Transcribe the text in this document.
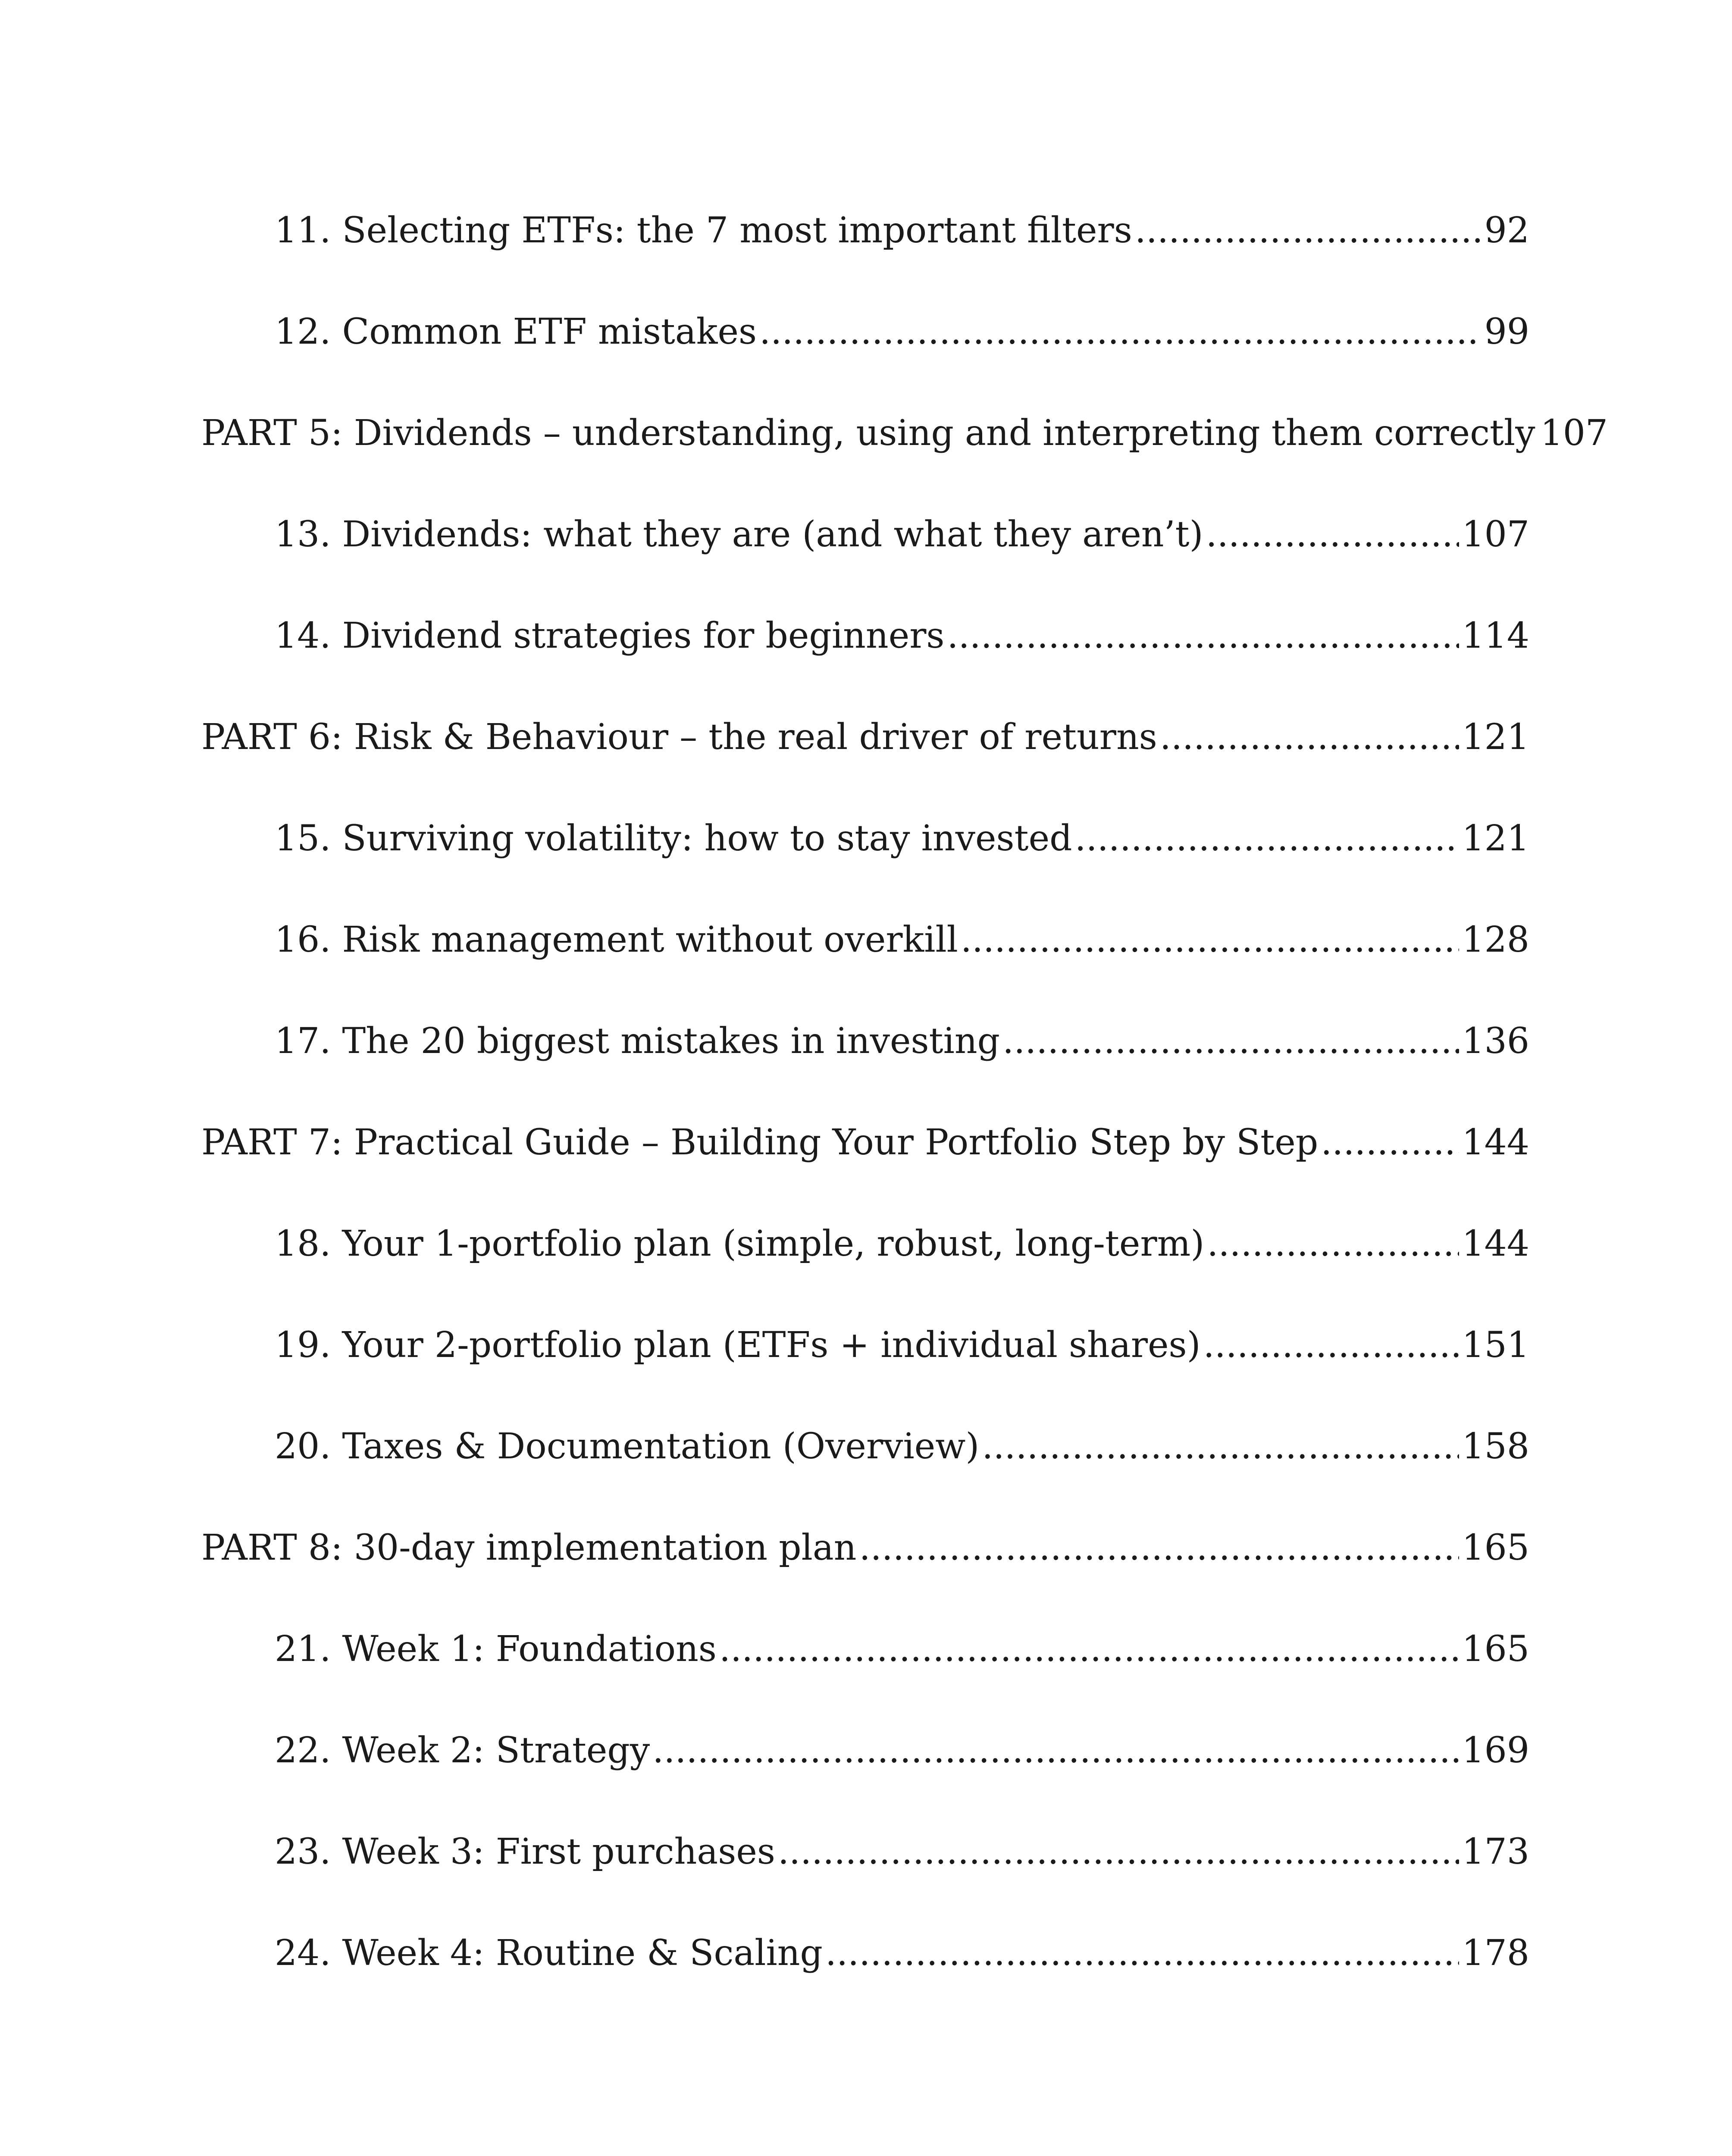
11. Selecting ETFs: the 7 most important filters .....	92
12. Common ETF mistakes .....	99
PART 5: Dividends – understanding, using and interpreting them correctly 107
13. Dividends: what they are (and what they aren’t) .....	107
14. Dividend strategies for beginners .....	114
PART 6: Risk & Behaviour – the real driver of returns .....	121
15. Surviving volatility: how to stay invested .....	121
16. Risk management without overkill .....	128
17. The 20 biggest mistakes in investing .....	136
PART 7: Practical Guide – Building Your Portfolio Step by Step .....	144
18. Your 1-portfolio plan (simple, robust, long-term) .....	144
19. Your 2-portfolio plan (ETFs + individual shares) .....	151
20. Taxes & Documentation (Overview) .....	158
PART 8: 30-day implementation plan .....	165
21. Week 1: Foundations .....	165
22. Week 2: Strategy .....	169
23. Week 3: First purchases .....	173
24. Week 4: Routine & Scaling .....	178
